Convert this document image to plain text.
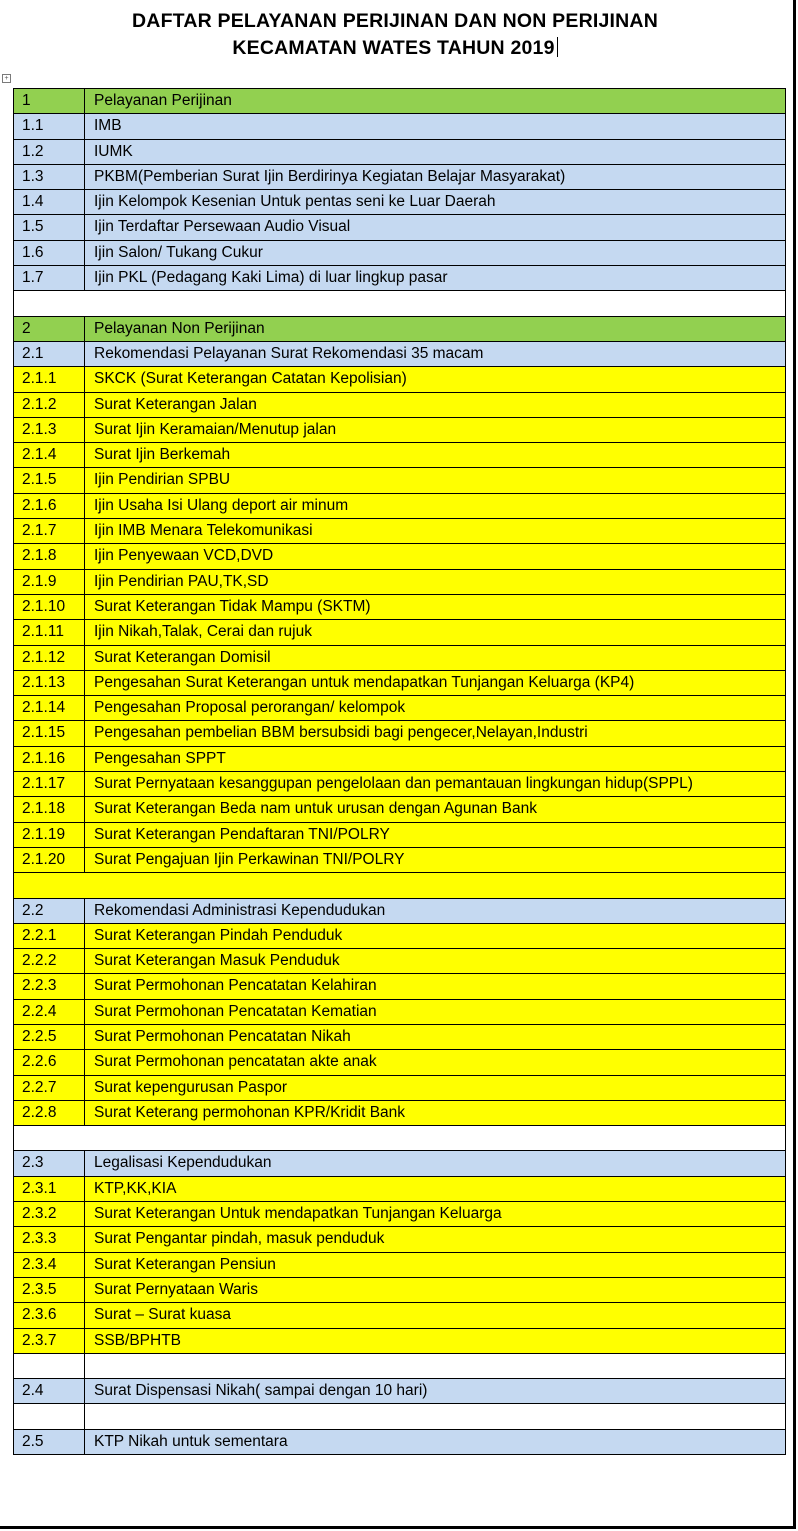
DAFTAR PELAYANAN PERIJINAN DAN NON PERIJINAN
KECAMATAN WATES TAHUN 2019
+
1	Pelayanan Perijinan
1.1	IMB
1.2	IUMK
1.3	PKBM(Pemberian Surat Ijin Berdirinya Kegiatan Belajar Masyarakat)
1.4	Ijin Kelompok Kesenian Untuk pentas seni ke Luar Daerah
1.5	Ijin Terdaftar Persewaan Audio Visual
1.6	Ijin Salon/ Tukang Cukur
1.7	Ijin PKL (Pedagang Kaki Lima) di luar lingkup pasar
2	Pelayanan Non Perijinan
2.1	Rekomendasi Pelayanan Surat Rekomendasi 35 macam
2.1.1	SKCK (Surat Keterangan Catatan Kepolisian)
2.1.2	Surat Keterangan Jalan
2.1.3	Surat Ijin Keramaian/Menutup jalan
2.1.4	Surat Ijin Berkemah
2.1.5	Ijin Pendirian SPBU
2.1.6	Ijin Usaha Isi Ulang deport air minum
2.1.7	Ijin IMB Menara Telekomunikasi
2.1.8	Ijin Penyewaan VCD,DVD
2.1.9	Ijin Pendirian PAU,TK,SD
2.1.10	Surat Keterangan Tidak Mampu (SKTM)
2.1.11	Ijin Nikah,Talak, Cerai dan rujuk
2.1.12	Surat Keterangan Domisil
2.1.13	Pengesahan Surat Keterangan untuk mendapatkan Tunjangan Keluarga (KP4)
2.1.14	Pengesahan Proposal perorangan/ kelompok
2.1.15	Pengesahan pembelian BBM bersubsidi bagi pengecer,Nelayan,Industri
2.1.16	Pengesahan SPPT
2.1.17	Surat Pernyataan kesanggupan pengelolaan dan pemantauan lingkungan hidup(SPPL)
2.1.18	Surat Keterangan Beda nam untuk urusan dengan Agunan Bank
2.1.19	Surat Keterangan Pendaftaran TNI/POLRY
2.1.20	Surat Pengajuan Ijin Perkawinan TNI/POLRY
2.2	Rekomendasi Administrasi Kependudukan
2.2.1	Surat Keterangan Pindah Penduduk
2.2.2	Surat Keterangan Masuk Penduduk
2.2.3	Surat Permohonan Pencatatan Kelahiran
2.2.4	Surat Permohonan Pencatatan Kematian
2.2.5	Surat Permohonan Pencatatan Nikah
2.2.6	Surat Permohonan pencatatan akte anak
2.2.7	Surat kepengurusan Paspor
2.2.8	Surat Keterang permohonan KPR/Kridit Bank
2.3	Legalisasi Kependudukan
2.3.1	KTP,KK,KIA
2.3.2	Surat Keterangan Untuk mendapatkan Tunjangan Keluarga
2.3.3	Surat Pengantar pindah, masuk penduduk
2.3.4	Surat Keterangan Pensiun
2.3.5	Surat Pernyataan Waris
2.3.6	Surat – Surat kuasa
2.3.7	SSB/BPHTB
2.4	Surat Dispensasi Nikah( sampai dengan 10 hari)
2.5	KTP Nikah untuk sementara
